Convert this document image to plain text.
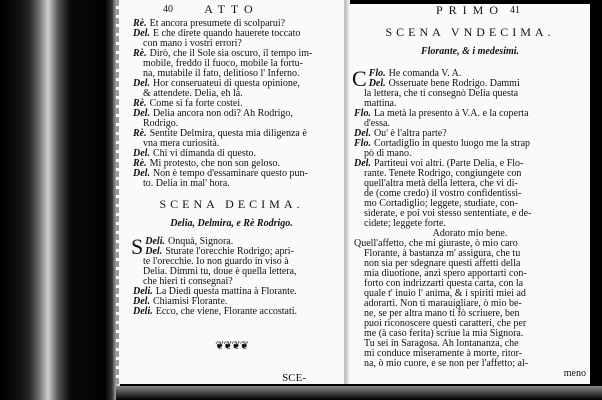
40	ATTO
Rè. Et ancora presumete di scolparui?
Del. E che direte quando hauerete toccato
con mano i vostri errori?
Rè. Dirò, che il Sole sia oscuro, il tempo im-
mobile, freddo il fuoco, mobile la fortu-
na, mutabile il fato, delitioso l' Inferno.
Del. Hor conseruateui di questa opinione,
& attendete. Delia, eh là.
Rè. Come si fa forte costei.
Del. Delia ancora non odi? Ah Rodrigo,
Rodrigo.
Rè. Sentite Delmira, questa mia diligenza è
vna mera curiosità.
Del. Chi vi dimanda di questo.
Rè. Mi protesto, che non son geloso.
Del. Non è tempo d'essaminare questo pun-
to. Delia in mal' hora.
SCENA DECIMA.
Delia, Delmira, e Rè Rodrigo.
S Deli. Onquà, Signora.
Del. Sturate l'orecchie Rodrigo; apri-
te l'orecchie. Io non guardo in viso à
Delia. Dimmi tu, doue è quella lettera,
che hieri ti consegnai?
Deli. La Diedi questa mattina à Florante.
Del. Chiamisi Florante.
Deli. Ecco, che viene, Florante accostati.
❦❦❦❦
SCE-
PRIMO 41
SCENA VNDECIMA.
Florante, & i medesimi.
C Flo. He comanda V. A.
Del. Osseruate bene Rodrigo. Dammi
la lettera, che ti consegnò Delia questa
mattina.
Flo. La metà la presento à V.A. e la coperta
d'essa.
Del. Ou' è l'altra parte?
Flo. Cortadiglio in questo luogo me la strap
pò di mano.
Del. Partiteui voi altri. (Parte Delia, e Flo-
rante. Tenete Rodrigo, congiungete con
quell'altra metà della lettera, che vi di-
de (come credo) il vostro confidentissi-
mo Cortadiglio; leggete, studiate, con-
siderate, e poi voi stesso sententiate, e de-
cidete; leggete forte.
Adorato mio bene.
Quell'affetto, che mi giuraste, ò mio caro
Florante, à bastanza m' assigura, che tu
non sia per sdegnare questi affetti della
mia diuotione, anzi spero apportarti con-
forto con indrizzarti questa carta, con la
quale t' inuio l' anima, & i spiriti miei ad
adorarti. Non ti marauigliare, ò mio be-
ne, se per altra mano ti fò scriuere, ben
puoi riconoscere questi caratteri, che per
me (à caso ferita) scriue la mia Signora.
Tu sei in Saragosa. Ah lontananza, che
mi conduce miseramente à morte, ritor-
na, ò mio cuore, e se non per l'affetto; al-
meno
